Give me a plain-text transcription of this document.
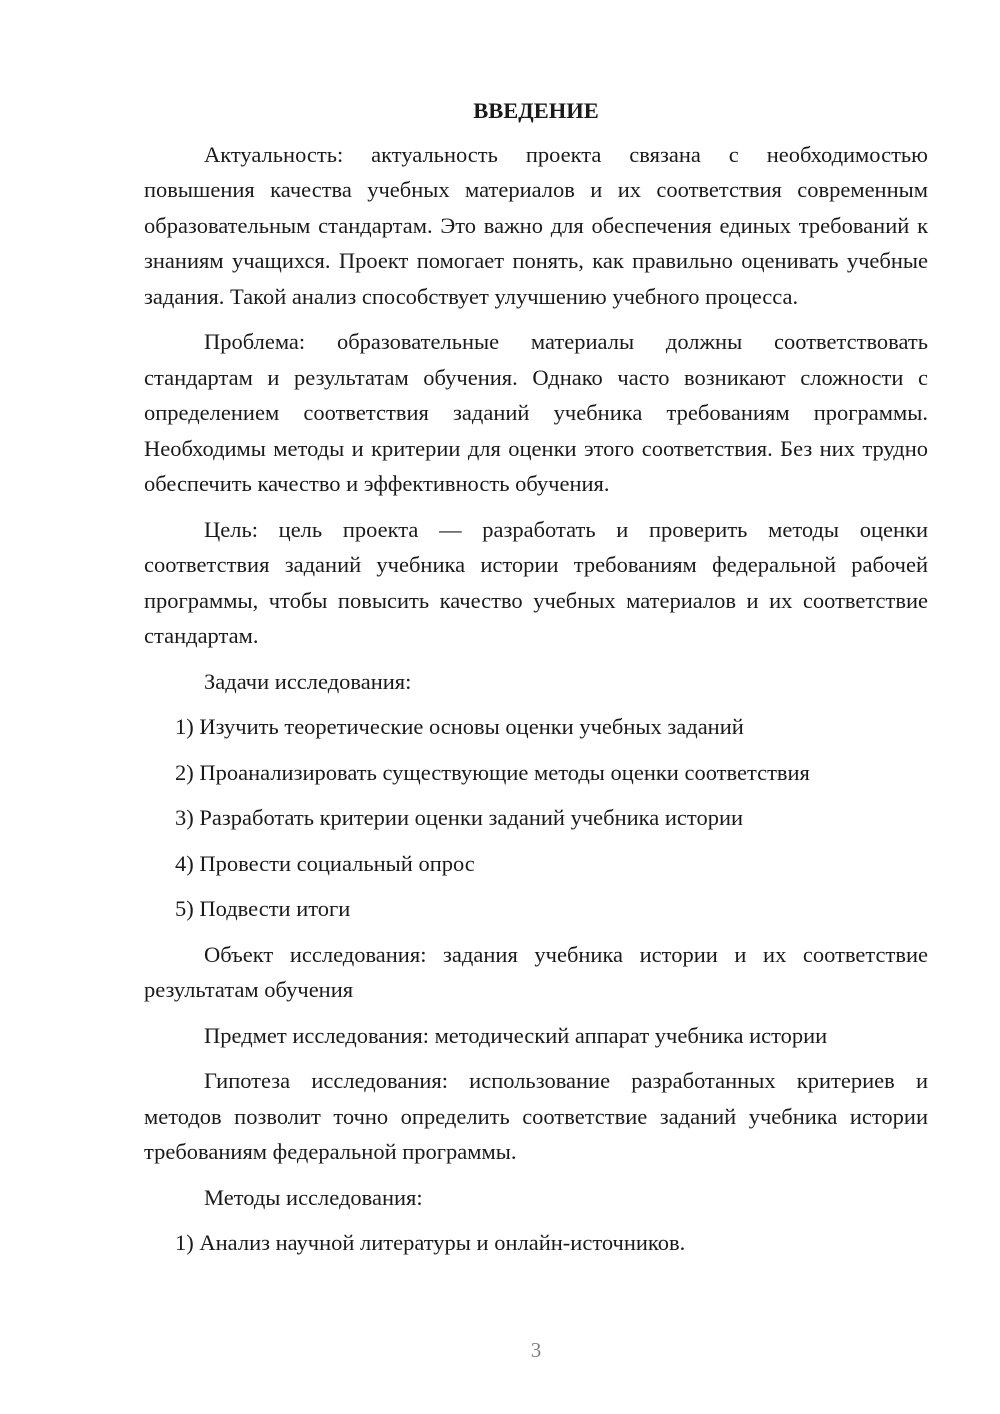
ВВЕДЕНИЕ

Актуальность: актуальность проекта связана с необходимостью повышения качества учебных материалов и их соответствия современным образовательным стандартам. Это важно для обеспечения единых требований к знаниям учащихся. Проект помогает понять, как правильно оценивать учебные задания. Такой анализ способствует улучшению учебного процесса.

Проблема: образовательные материалы должны соответствовать стандартам и результатам обучения. Однако часто возникают сложности с определением соответствия заданий учебника требованиям программы. Необходимы методы и критерии для оценки этого соответствия. Без них трудно обеспечить качество и эффективность обучения.

Цель: цель проекта — разработать и проверить методы оценки соответствия заданий учебника истории требованиям федеральной рабочей программы, чтобы повысить качество учебных материалов и их соответствие стандартам.

Задачи исследования:

1) Изучить теоретические основы оценки учебных заданий
2) Проанализировать существующие методы оценки соответствия
3) Разработать критерии оценки заданий учебника истории
4) Провести социальный опрос
5) Подвести итоги

Объект исследования: задания учебника истории и их соответствие результатам обучения

Предмет исследования: методический аппарат учебника истории

Гипотеза исследования: использование разработанных критериев и методов позволит точно определить соответствие заданий учебника истории требованиям федеральной программы.

Методы исследования:

1) Анализ научной литературы и онлайн-источников.
3
